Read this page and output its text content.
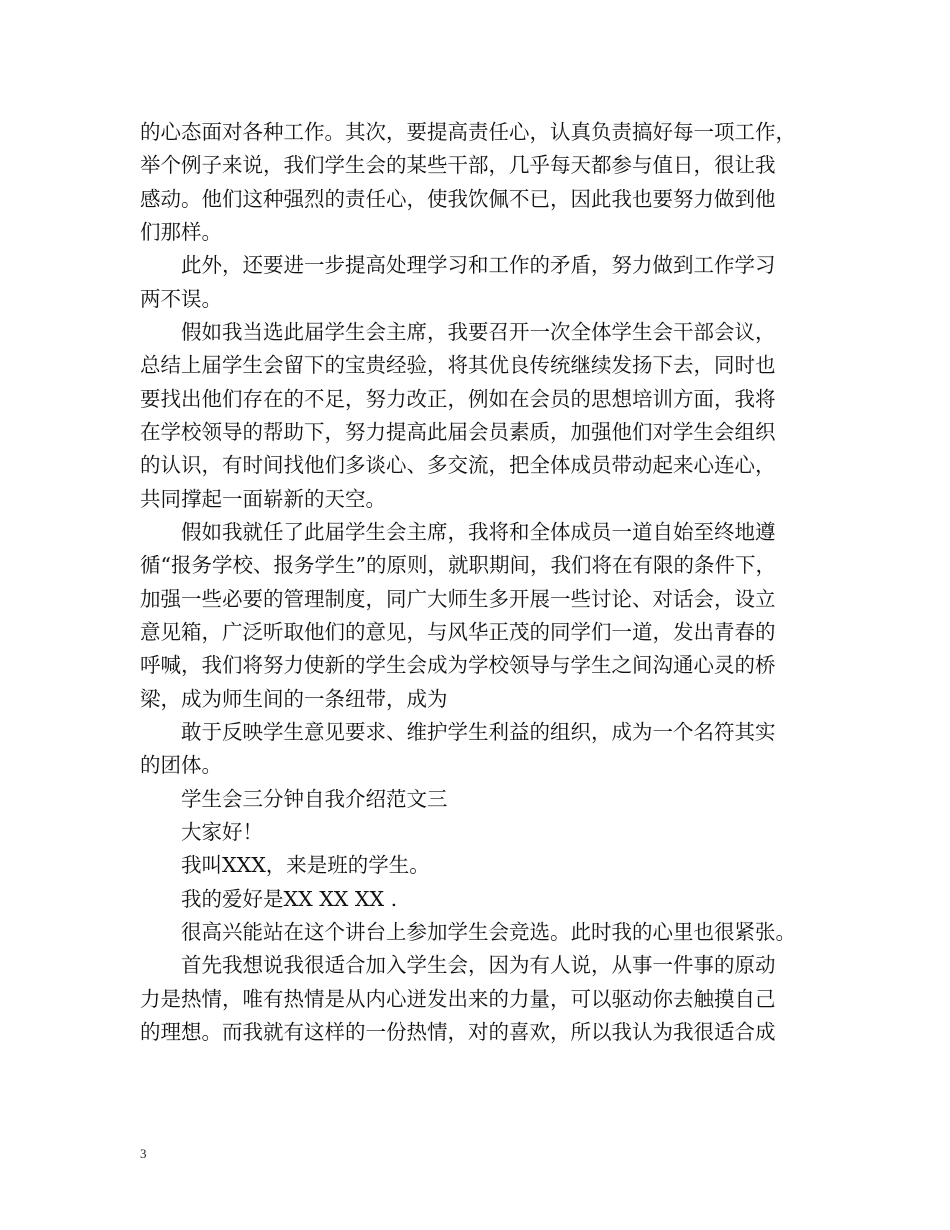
的心态面对各种工作。其次，要提高责任心，认真负责搞好每一项工作，
举个例子来说，我们学生会的某些干部，几乎每天都参与值日，很让我
感动。他们这种强烈的责任心，使我饮佩不已，因此我也要努力做到他
们那样。
此外，还要进一步提高处理学习和工作的矛盾，努力做到工作学习
两不误。
假如我当选此届学生会主席，我要召开一次全体学生会干部会议，
总结上届学生会留下的宝贵经验，将其优良传统继续发扬下去，同时也
要找出他们存在的不足，努力改正，例如在会员的思想培训方面，我将
在学校领导的帮助下，努力提高此届会员素质，加强他们对学生会组织
的认识，有时间找他们多谈心、多交流，把全体成员带动起来心连心，
共同撑起一面崭新的天空。
假如我就任了此届学生会主席，我将和全体成员一道自始至终地遵
循“报务学校、报务学生”的原则，就职期间，我们将在有限的条件下，
加强一些必要的管理制度，同广大师生多开展一些讨论、对话会，设立
意见箱，广泛听取他们的意见，与风华正茂的同学们一道，发出青春的
呼喊，我们将努力使新的学生会成为学校领导与学生之间沟通心灵的桥
梁，成为师生间的一条纽带，成为
敢于反映学生意见要求、维护学生利益的组织，成为一个名符其实
的团体。
学生会三分钟自我介绍范文三
大家好！
我叫XXX，来是班的学生。
我的爱好是XX XX XX .
很高兴能站在这个讲台上参加学生会竞选。此时我的心里也很紧张。
首先我想说我很适合加入学生会，因为有人说，从事一件事的原动
力是热情，唯有热情是从内心迸发出来的力量，可以驱动你去触摸自己
的理想。而我就有这样的一份热情，对的喜欢，所以我认为我很适合成
3
